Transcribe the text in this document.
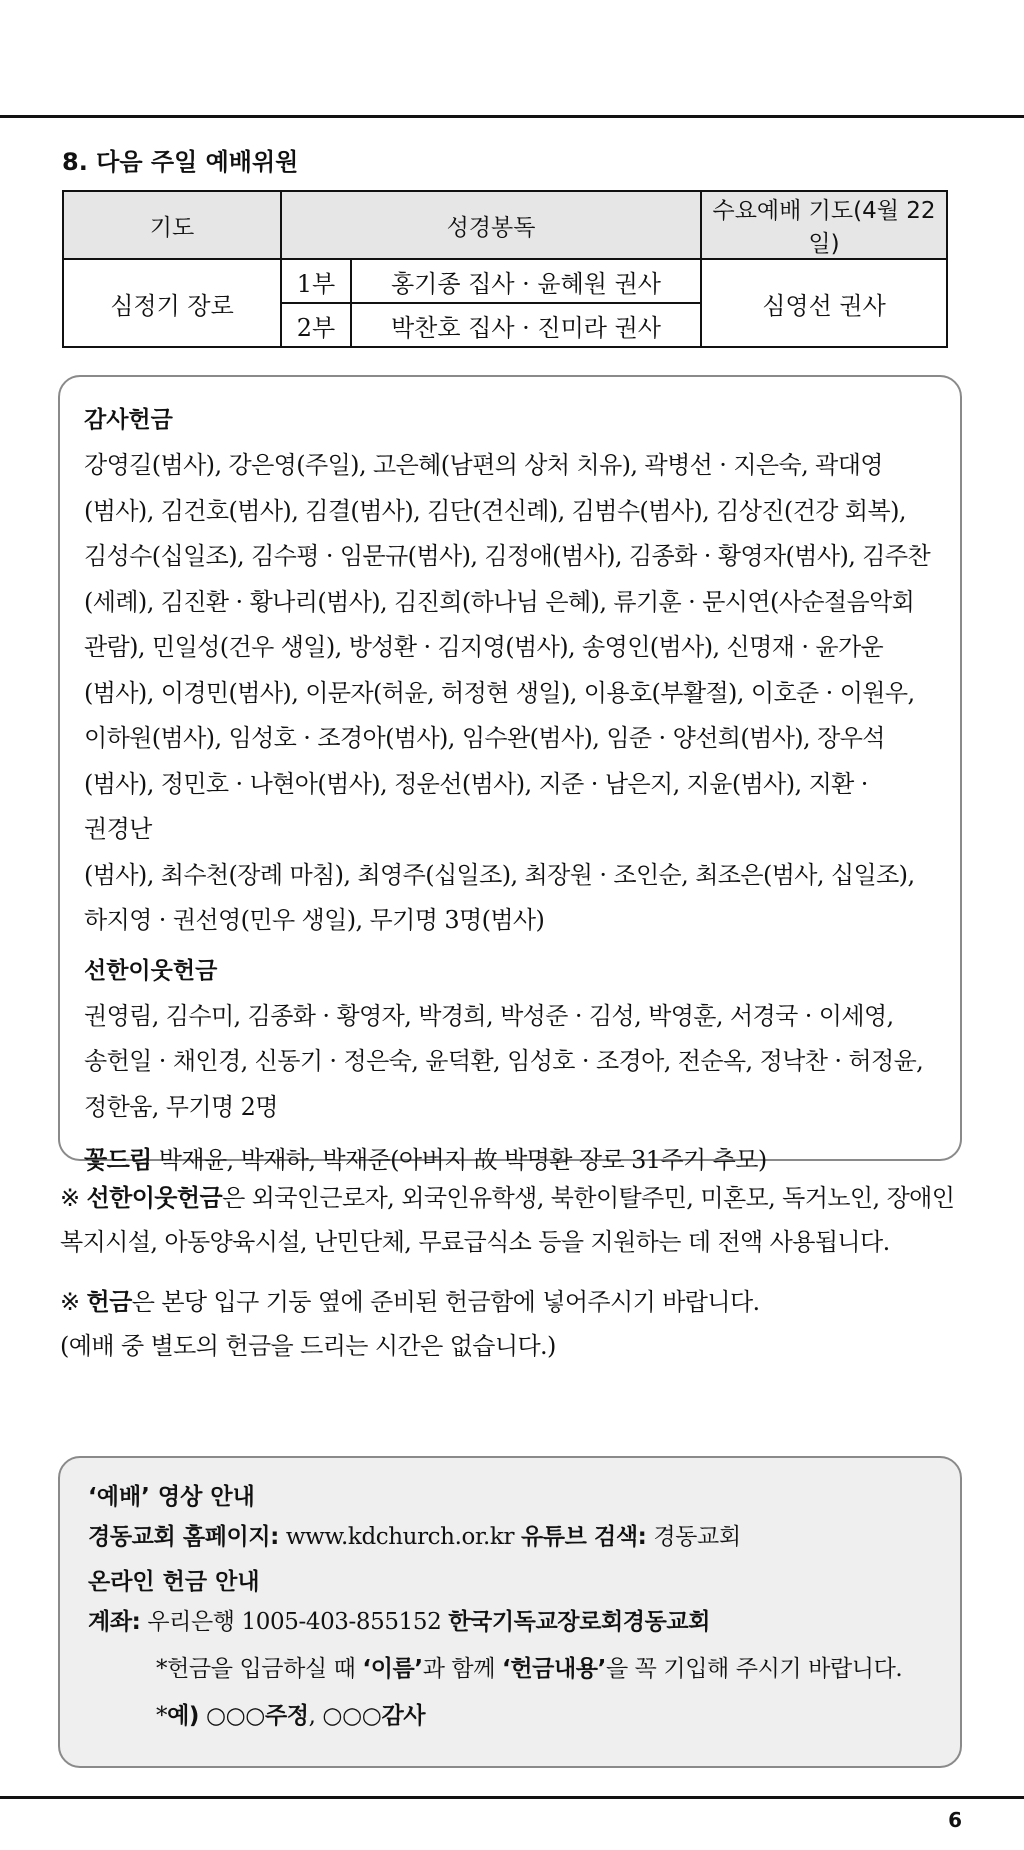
8. 다음 주일 예배위원
기도	성경봉독		수요예배 기도(4월 22일)
심정기 장로	1부	홍기종 집사 · 윤혜원 권사	심영선 권사
	2부	박찬호 집사 · 진미라 권사	

감사헌금

강영길(범사), 강은영(주일), 고은혜(남편의 상처 치유), 곽병선 · 지은숙, 곽대영
(범사), 김건호(범사), 김결(범사), 김단(견신례), 김범수(범사), 김상진(건강 회복),
김성수(십일조), 김수평 · 임문규(범사), 김정애(범사), 김종화 · 황영자(범사), 김주찬
(세례), 김진환 · 황나리(범사), 김진희(하나님 은혜), 류기훈 · 문시연(사순절음악회
관람), 민일성(건우 생일), 방성환 · 김지영(범사), 송영인(범사), 신명재 · 윤가운
(범사), 이경민(범사), 이문자(허윤, 허정현 생일), 이용호(부활절), 이호준 · 이원우,
이하원(범사), 임성호 · 조경아(범사), 임수완(범사), 임준 · 양선희(범사), 장우석
(범사), 정민호 · 나현아(범사), 정운선(범사), 지준 · 남은지, 지윤(범사), 지환 · 권경난
(범사), 최수천(장례 마침), 최영주(십일조), 최장원 · 조인순, 최조은(범사, 십일조),
하지영 · 권선영(민우 생일), 무기명 3명(범사)

선한이웃헌금

권영림, 김수미, 김종화 · 황영자, 박경희, 박성준 · 김성, 박영훈, 서경국 · 이세영,
송헌일 · 채인경, 신동기 · 정은숙, 윤덕환, 임성호 · 조경아, 전순옥, 정낙찬 · 허정윤,
정한움, 무기명 2명
꽃드림 박재윤, 박재하, 박재준(아버지 故 박명환 장로 31주기 추모)
※ 선한이웃헌금은 외국인근로자, 외국인유학생, 북한이탈주민, 미혼모, 독거노인, 장애인
복지시설, 아동양육시설, 난민단체, 무료급식소 등을 지원하는 데 전액 사용됩니다.
※ 헌금은 본당 입구 기둥 옆에 준비된 헌금함에 넣어주시기 바랍니다.
(예배 중 별도의 헌금을 드리는 시간은 없습니다.)

‘예배’ 영상 안내

경동교회 홈페이지: www.kdchurch.or.kr 유튜브 검색: 경동교회

온라인 헌금 안내

계좌: 우리은행 1005-403-855152 한국기독교장로회경동교회
*헌금을 입금하실 때 ‘이름’과 함께 ‘헌금내용’을 꼭 기입해 주시기 바랍니다.
*예) ○○○주정, ○○○감사
6
